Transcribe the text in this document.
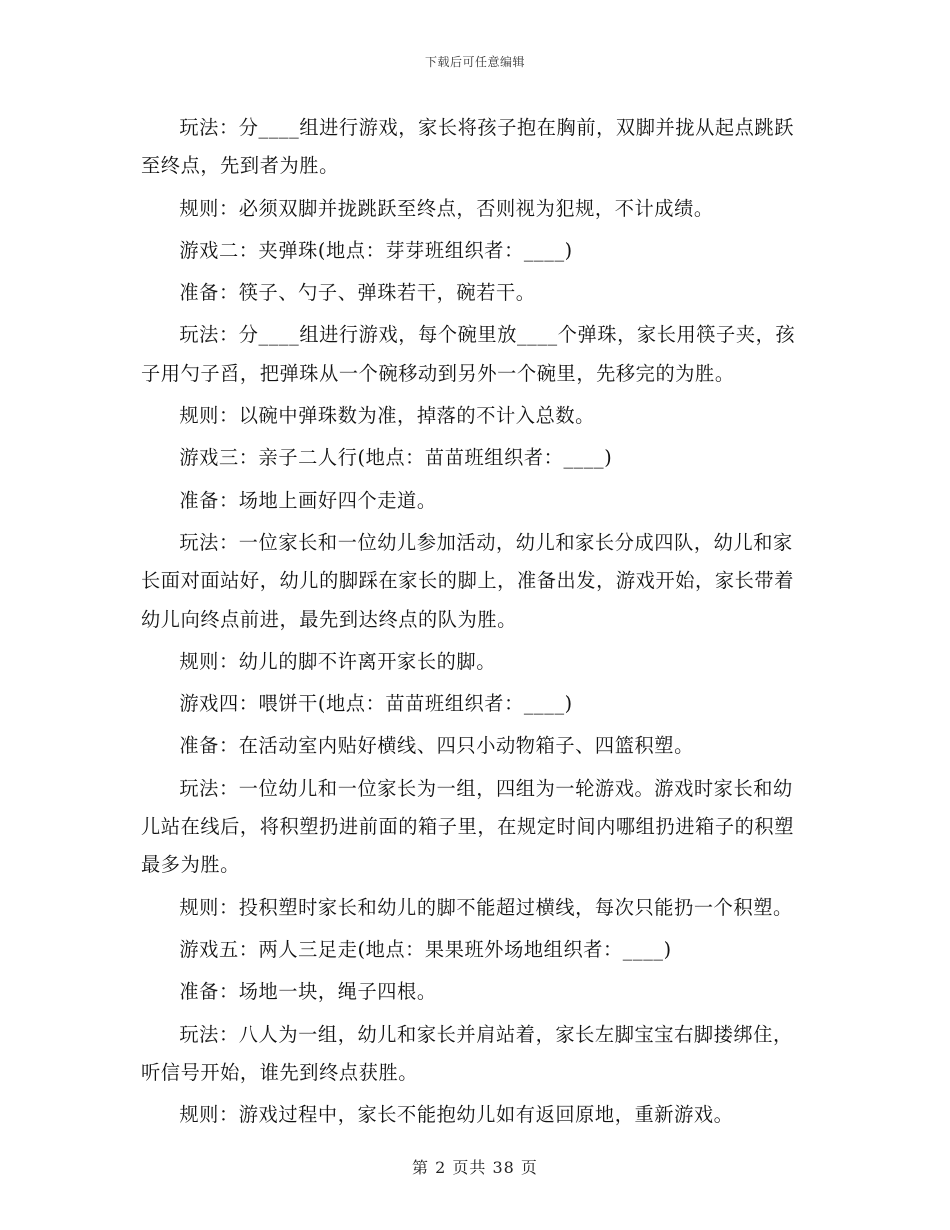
下载后可任意编辑

玩法：分____组进行游戏，家长将孩子抱在胸前，双脚并拢从起点跳跃至终点，先到者为胜。

规则：必须双脚并拢跳跃至终点，否则视为犯规，不计成绩。

游戏二：夹弹珠(地点：芽芽班组织者：____)

准备：筷子、勺子、弹珠若干，碗若干。

玩法：分____组进行游戏，每个碗里放____个弹珠，家长用筷子夹，孩子用勺子舀，把弹珠从一个碗移动到另外一个碗里，先移完的为胜。

规则：以碗中弹珠数为准，掉落的不计入总数。

游戏三：亲子二人行(地点：苗苗班组织者：____)

准备：场地上画好四个走道。

玩法：一位家长和一位幼儿参加活动，幼儿和家长分成四队，幼儿和家长面对面站好，幼儿的脚踩在家长的脚上，准备出发，游戏开始，家长带着幼儿向终点前进，最先到达终点的队为胜。

规则：幼儿的脚不许离开家长的脚。

游戏四：喂饼干(地点：苗苗班组织者：____)

准备：在活动室内贴好横线、四只小动物箱子、四篮积塑。

玩法：一位幼儿和一位家长为一组，四组为一轮游戏。游戏时家长和幼儿站在线后，将积塑扔进前面的箱子里，在规定时间内哪组扔进箱子的积塑最多为胜。

规则：投积塑时家长和幼儿的脚不能超过横线，每次只能扔一个积塑。

游戏五：两人三足走(地点：果果班外场地组织者：____)

准备：场地一块，绳子四根。

玩法：八人为一组，幼儿和家长并肩站着，家长左脚宝宝右脚搂绑住，听信号开始，谁先到终点获胜。

规则：游戏过程中，家长不能抱幼儿如有返回原地，重新游戏。

第 2 页共 38 页
